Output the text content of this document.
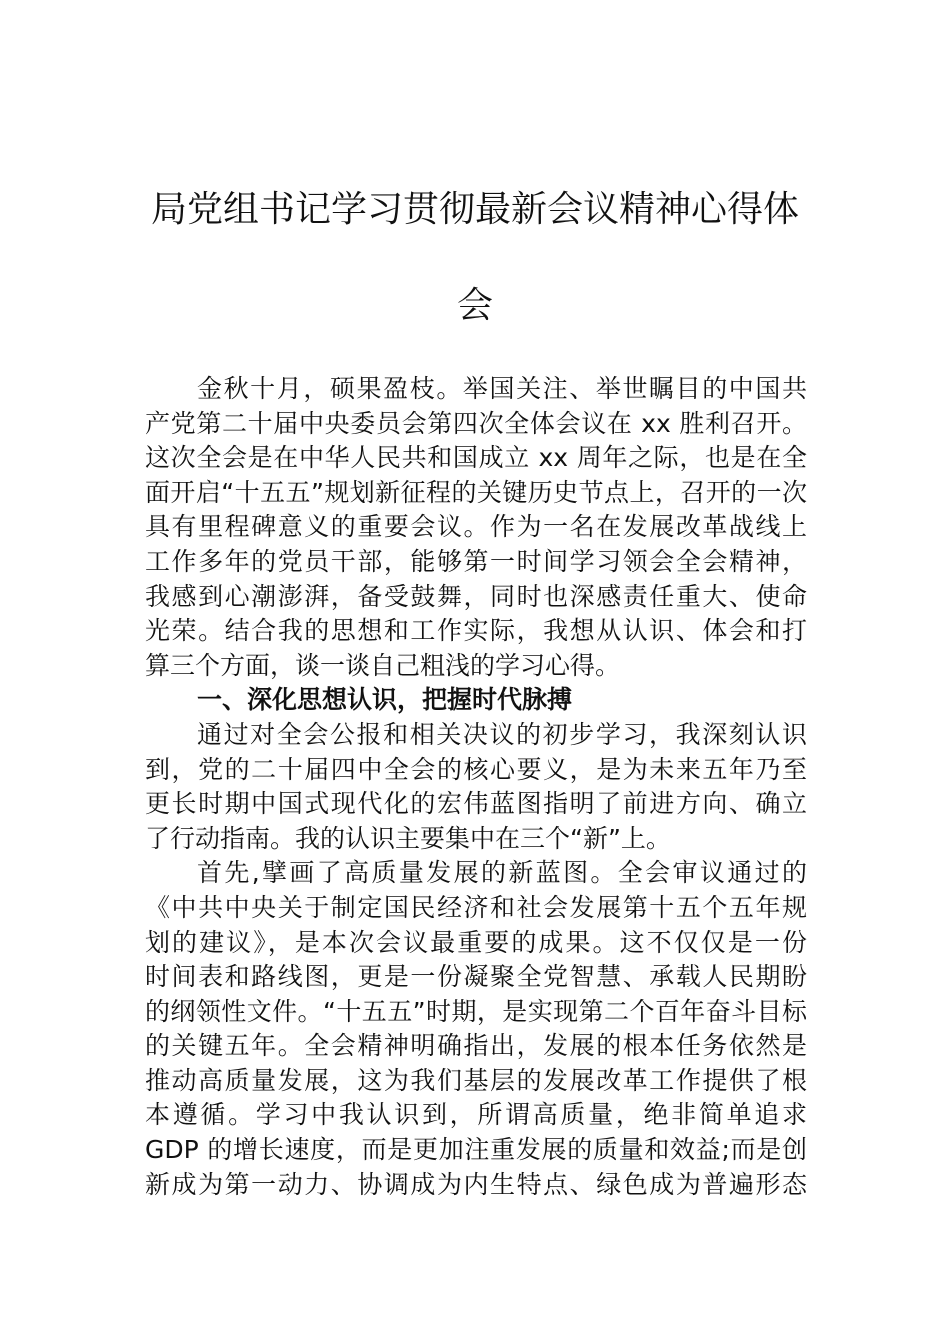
局党组书记学习贯彻最新会议精神心得体
会
金秋十月，硕果盈枝。举国关注、举世瞩目的中国共
产党第二十届中央委员会第四次全体会议在 xx 胜利召开。
这次全会是在中华人民共和国成立 xx 周年之际，也是在全
面开启“十五五”规划新征程的关键历史节点上，召开的一次
具有里程碑意义的重要会议。作为一名在发展改革战线上
工作多年的党员干部，能够第一时间学习领会全会精神，
我感到心潮澎湃，备受鼓舞，同时也深感责任重大、使命
光荣。结合我的思想和工作实际，我想从认识、体会和打
算三个方面，谈一谈自己粗浅的学习心得。
一、深化思想认识，把握时代脉搏
通过对全会公报和相关决议的初步学习，我深刻认识
到，党的二十届四中全会的核心要义，是为未来五年乃至
更长时期中国式现代化的宏伟蓝图指明了前进方向、确立
了行动指南。我的认识主要集中在三个“新”上。
首先,擘画了高质量发展的新蓝图。全会审议通过的
《中共中央关于制定国民经济和社会发展第十五个五年规
划的建议》，是本次会议最重要的成果。这不仅仅是一份
时间表和路线图，更是一份凝聚全党智慧、承载人民期盼
的纲领性文件。“十五五”时期，是实现第二个百年奋斗目标
的关键五年。全会精神明确指出，发展的根本任务依然是
推动高质量发展，这为我们基层的发展改革工作提供了根
本遵循。学习中我认识到，所谓高质量，绝非简单追求
GDP 的增长速度，而是更加注重发展的质量和效益;而是创
新成为第一动力、协调成为内生特点、绿色成为普遍形态
